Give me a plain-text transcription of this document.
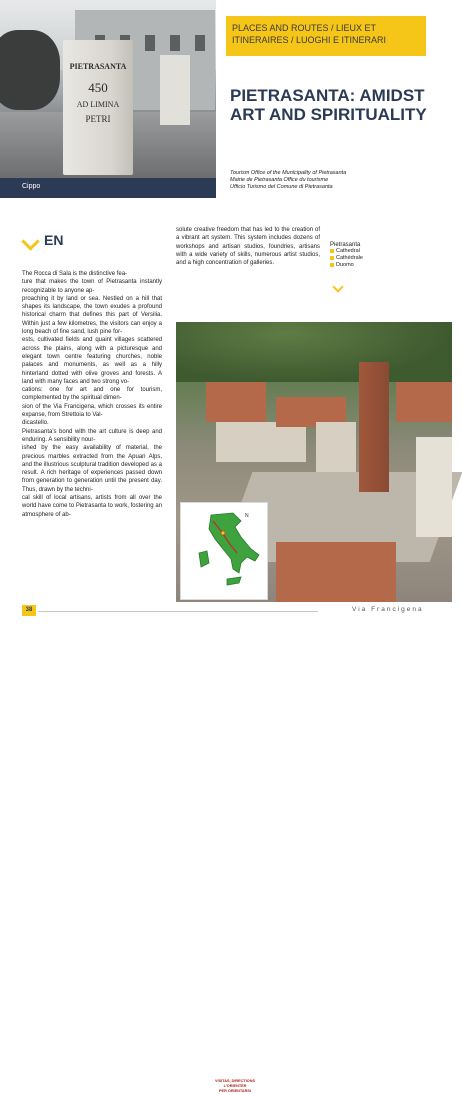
PIETRASANTA
450
AD LIMINA
PETRI
Cippo
PLACES AND ROUTES / LIEUX ET ITINERAIRES / LUOGHI E ITINERARI
PIETRASANTA: AMIDST ART AND SPIRITUALITY
Tourism Office of the Municipality of Pietrasanta
Mairie de Pietrasanta Office du tourisme
Ufficio Turismo del Comune di Pietrasanta
EN
The Rocca di Sala is the distinctive fea-
ture that makes the town of Pietrasanta instantly recognizable to anyone ap-
proaching it by land or sea. Nestled on a hill that shapes its landscape, the town exudes a profound historical charm that defines this part of Versilia. Within just a few kilometres, the visitors can enjoy a long beach of fine sand, lush pine for-
ests, cultivated fields and quaint villages scattered across the plains, along with a picturesque and elegant town centre featuring churches, noble palaces and monuments, as well as a hilly hinterland dotted with olive groves and forests. A land with many faces and two strong vo-
cations: one for art and one for tourism, complemented by the spiritual dimen-
sion of the Via Francigena, which crosses its entire expanse, from Strettoia to Val-
dicastello.
Pietrasanta's bond with the art culture is deep and enduring. A sensibility nour-
ished by the easy availability of material, the precious marbles extracted from the Apuan Alps, and the illustrious sculptural tradition developed as a result. A rich heritage of experiences passed down from generation to generation until the present day. Thus, drawn by the techni-
cal skill of local artisans, artists from all over the world have come to Pietrasanta to work, fostering an atmosphere of ab-
solute creative freedom that has led to the creation of a vibrant art system. This system includes dozens of workshops and artisan studios, foundries, artisans with a wide variety of skills, numerous artist studios, and a high concentration of galleries.
Pietrasanta
Cathedral
Cathédrale
Duomo
N
VISITAS, DIRECTIONS
L'ORIENTER
PER ORIENTARSI
38	Via Francigena
